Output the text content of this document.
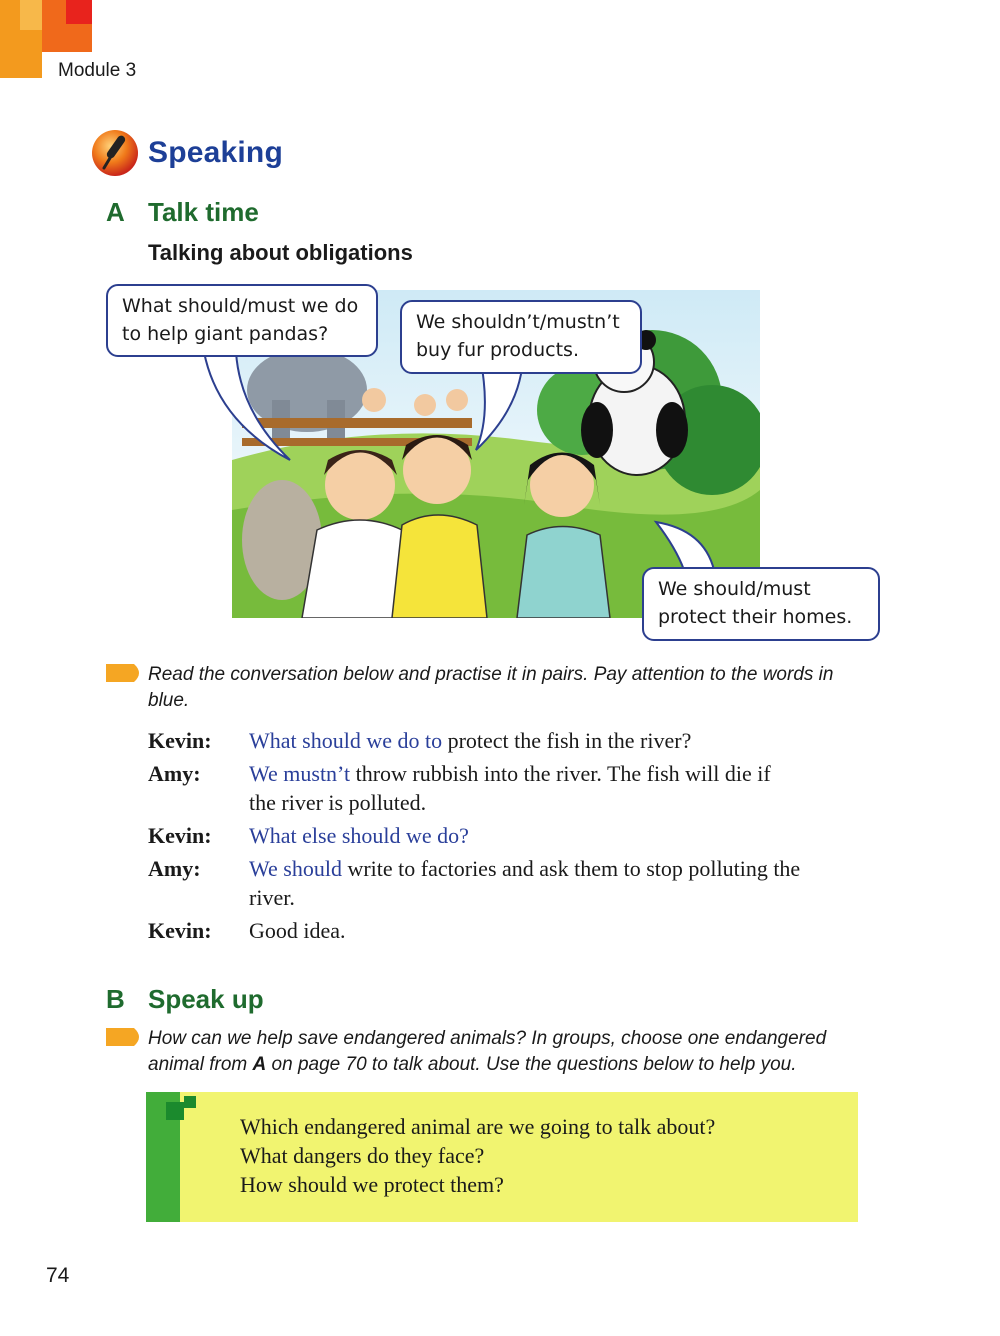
Module 3
Speaking
A Talk time
Talking about obligations
What should/must we do
to help giant pandas?
We shouldn’t/mustn’t
buy fur products.
We should/must
protect their homes.
Read the conversation below and practise it in pairs. Pay attention to the words in
blue.
Kevin:	What should we do to protect the fish in the river?
Amy:	We mustn’t throw rubbish into the river. The fish will die if
the river is polluted.
Kevin:	What else should we do?
Amy:	We should write to factories and ask them to stop polluting the
river.
Kevin:	Good idea.
B Speak up
How can we help save endangered animals? In groups, choose one endangered
animal from A on page 70 to talk about. Use the questions below to help you.
Which endangered animal are we going to talk about?
What dangers do they face?
How should we protect them?
74
